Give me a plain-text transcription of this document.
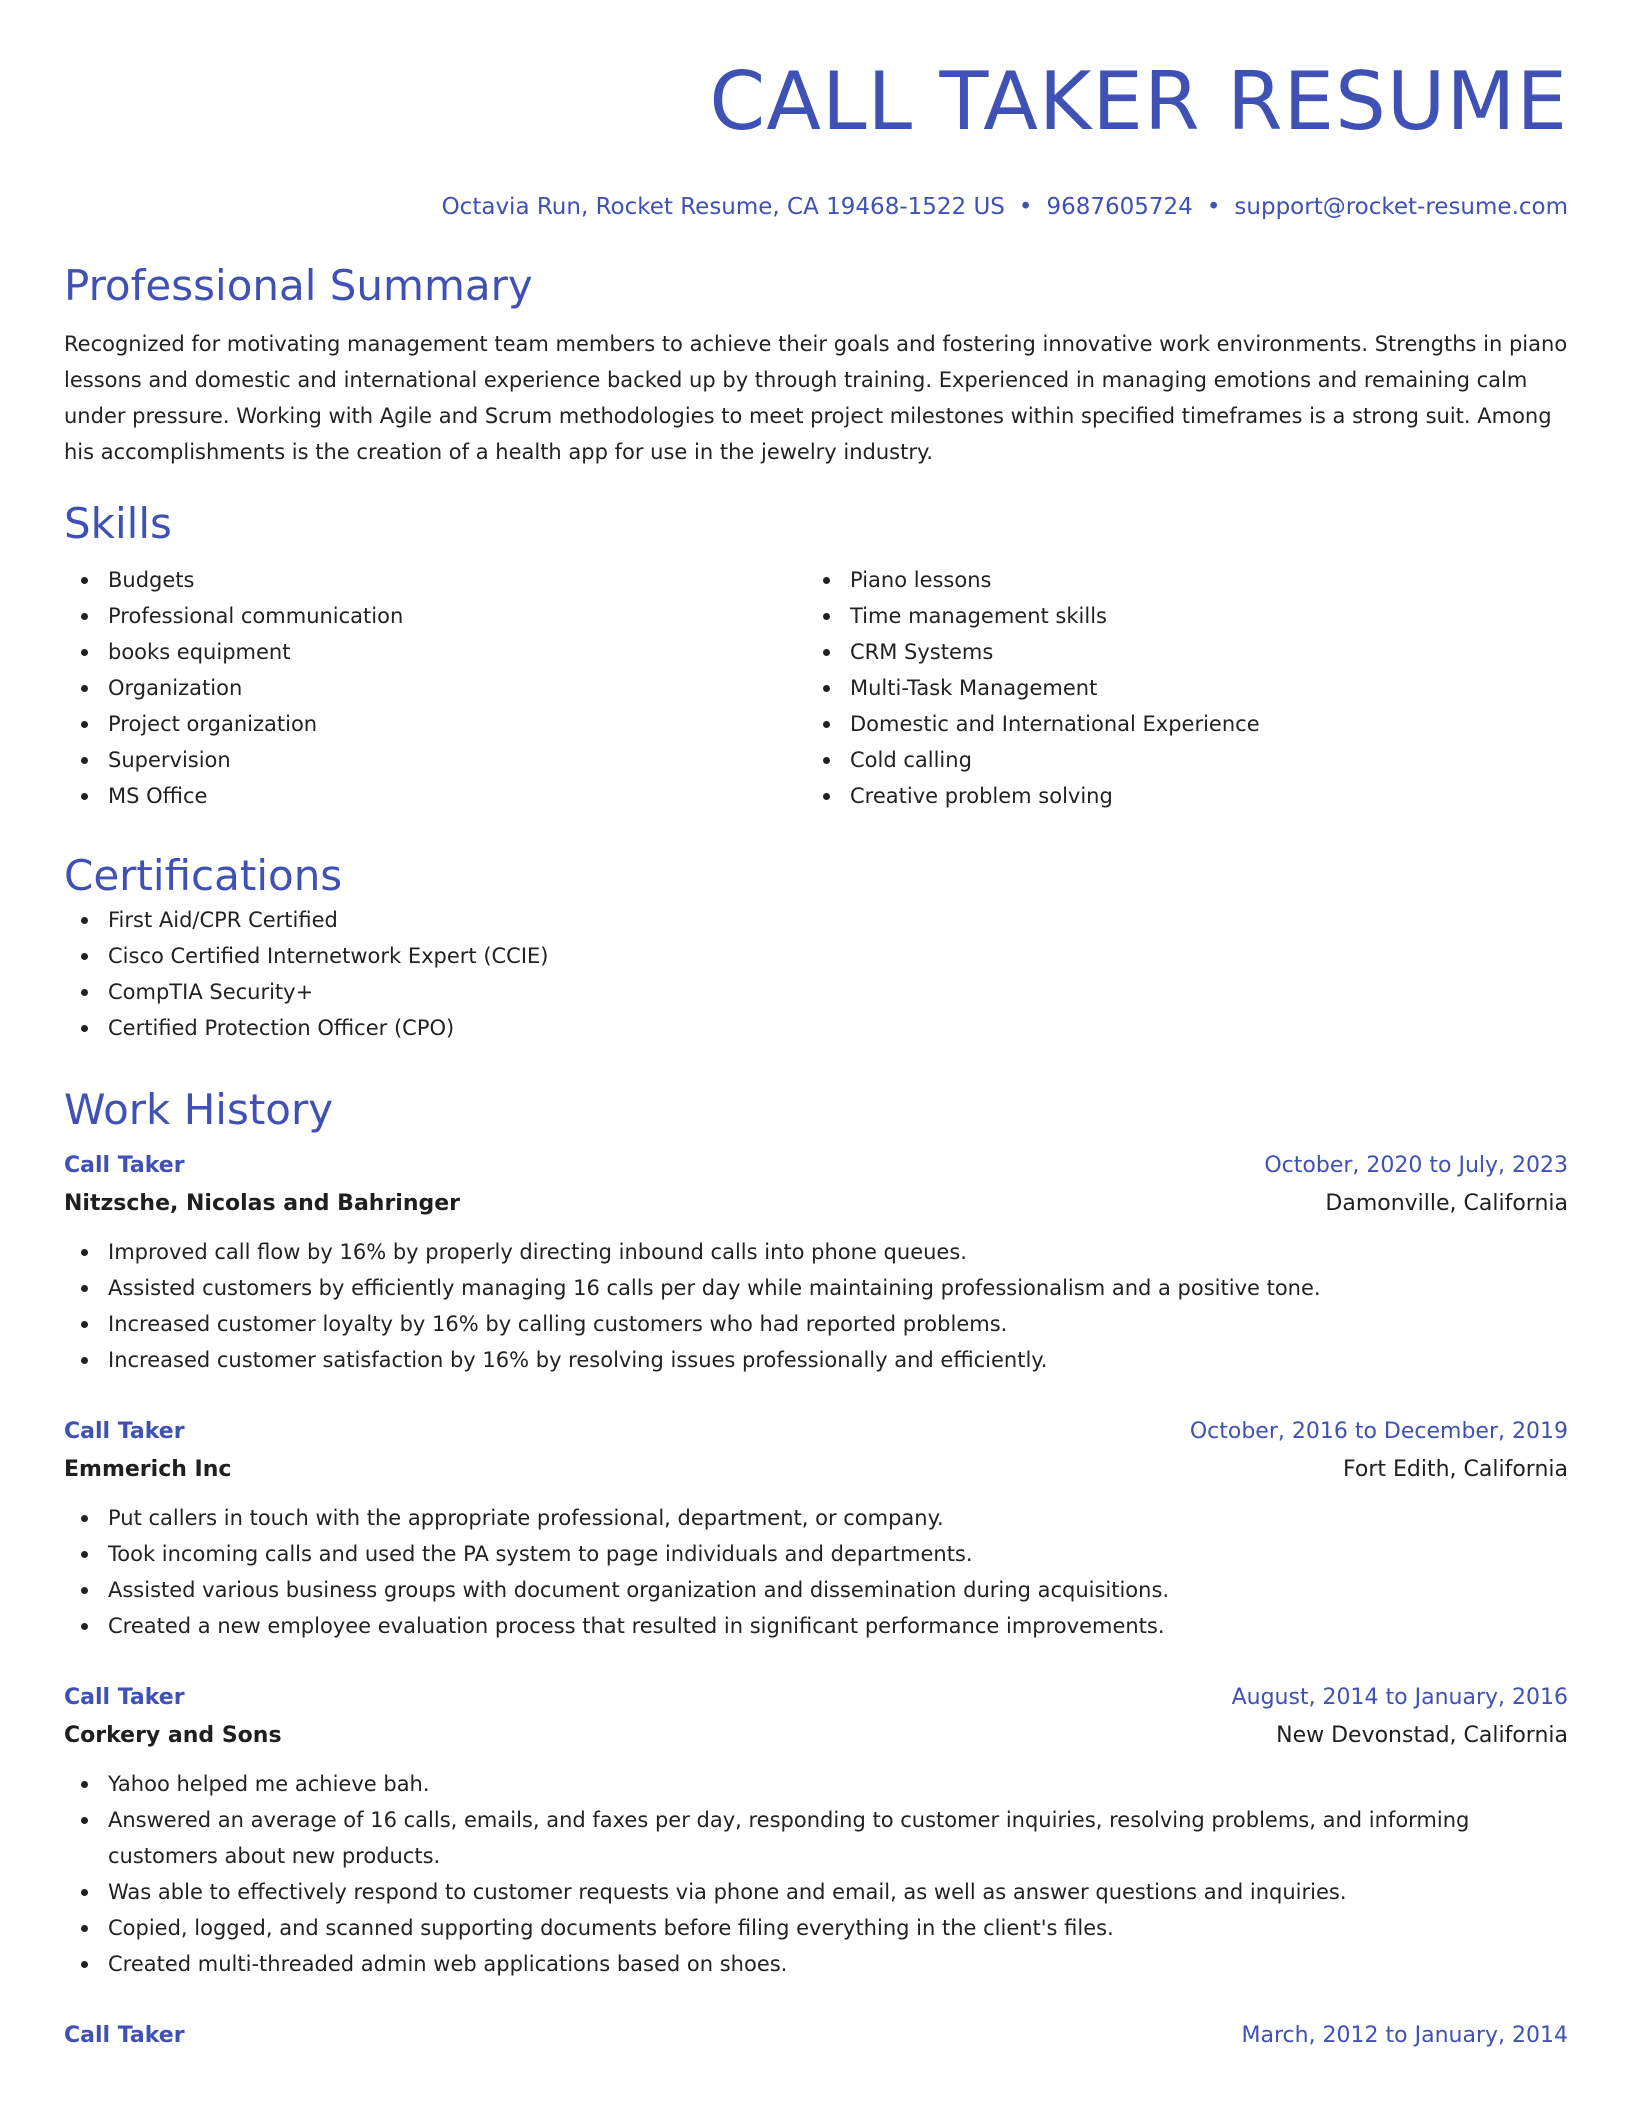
CALL TAKER RESUME
Octavia Run, Rocket Resume, CA 19468-1522 US • 9687605724 • support@rocket-resume.com
Professional Summary
Recognized for motivating management team members to achieve their goals and fostering innovative work environments. Strengths in piano lessons and domestic and international experience backed up by through training. Experienced in managing emotions and remaining calm under pressure. Working with Agile and Scrum methodologies to meet project milestones within specified timeframes is a strong suit. Among his accomplishments is the creation of a health app for use in the jewelry industry.
Skills
Budgets
Professional communication
books equipment
Organization
Project organization
Supervision
MS Office
Piano lessons
Time management skills
CRM Systems
Multi-Task Management
Domestic and International Experience
Cold calling
Creative problem solving
Certifications
First Aid/CPR Certified
Cisco Certified Internetwork Expert (CCIE)
CompTIA Security+
Certified Protection Officer (CPO)
Work History
Call Taker	October, 2020 to July, 2023
Nitzsche, Nicolas and Bahringer	Damonville, California
Improved call flow by 16% by properly directing inbound calls into phone queues.
Assisted customers by efficiently managing 16 calls per day while maintaining professionalism and a positive tone.
Increased customer loyalty by 16% by calling customers who had reported problems.
Increased customer satisfaction by 16% by resolving issues professionally and efficiently.
Call Taker	October, 2016 to December, 2019
Emmerich Inc	Fort Edith, California
Put callers in touch with the appropriate professional, department, or company.
Took incoming calls and used the PA system to page individuals and departments.
Assisted various business groups with document organization and dissemination during acquisitions.
Created a new employee evaluation process that resulted in significant performance improvements.
Call Taker	August, 2014 to January, 2016
Corkery and Sons	New Devonstad, California
Yahoo helped me achieve bah.
Answered an average of 16 calls, emails, and faxes per day, responding to customer inquiries, resolving problems, and informing customers about new products.
Was able to effectively respond to customer requests via phone and email, as well as answer questions and inquiries.
Copied, logged, and scanned supporting documents before filing everything in the client's files.
Created multi-threaded admin web applications based on shoes.
Call Taker	March, 2012 to January, 2014
